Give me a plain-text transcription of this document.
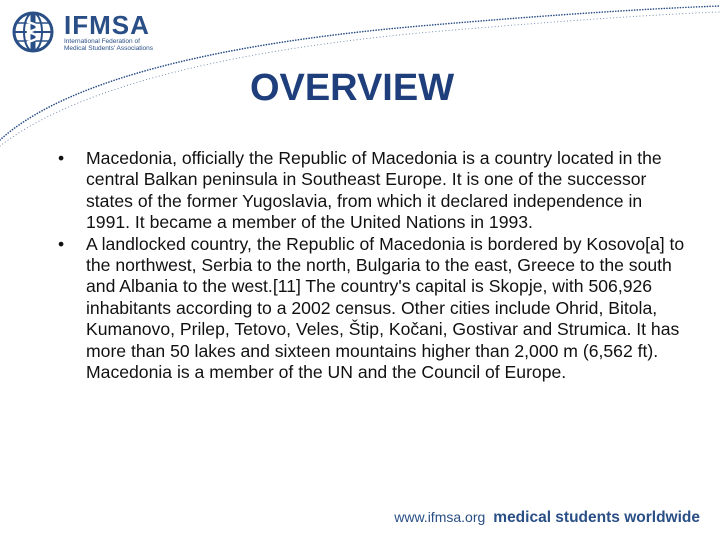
IFMSA
International Federation of Medical Students' Associations
OVERVIEW
•	Macedonia, officially the Republic of Macedonia is a country located in the central Balkan peninsula in Southeast Europe. It is one of the successor states of the former Yugoslavia, from which it declared independence in 1991. It became a member of the United Nations in 1993.
•	A landlocked country, the Republic of Macedonia is bordered by Kosovo[a] to the northwest, Serbia to the north, Bulgaria to the east, Greece to the south and Albania to the west.[11] The country's capital is Skopje, with 506,926 inhabitants according to a 2002 census. Other cities include Ohrid, Bitola, Kumanovo, Prilep, Tetovo, Veles, Štip, Kočani, Gostivar and Strumica. It has more than 50 lakes and sixteen mountains higher than 2,000 m (6,562 ft). Macedonia is a member of the UN and the Council of Europe.
www.ifmsa.org medical students worldwide
